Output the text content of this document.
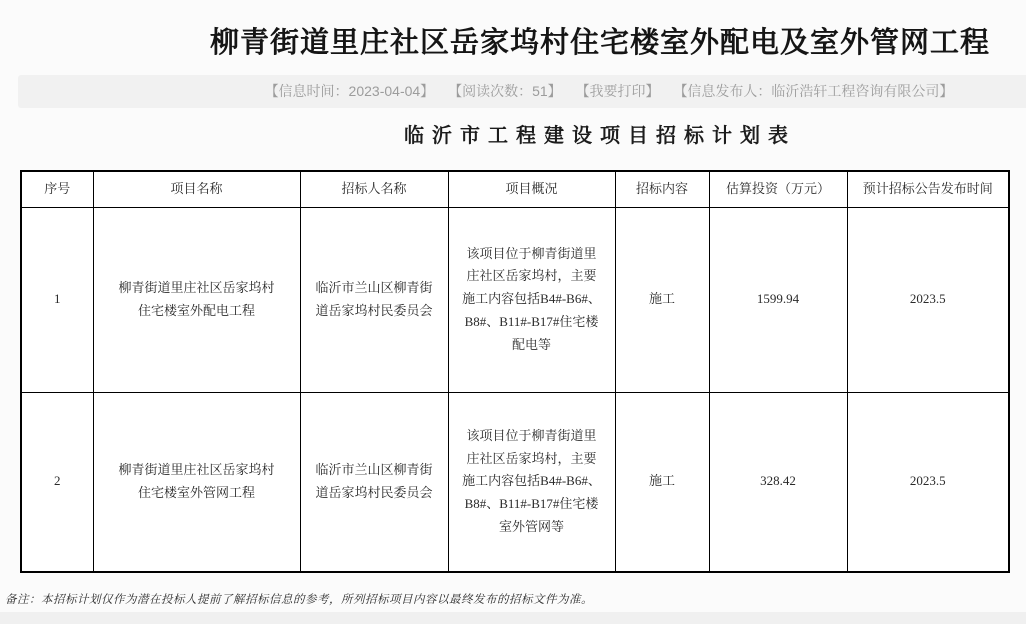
柳青街道里庄社区岳家坞村住宅楼室外配电及室外管网工程
【信息时间：2023-04-04】 【阅读次数：51】 【我要打印】 【信息发布人：临沂浩轩工程咨询有限公司】
临沂市工程建设项目招标计划表
序号	项目名称	招标人名称	项目概况	招标内容	估算投资（万元）	预计招标公告发布时间
1	柳青街道里庄社区岳家坞村住宅楼室外配电工程	临沂市兰山区柳青街道岳家坞村民委员会	该项目位于柳青街道里庄社区岳家坞村，主要施工内容包括B4#-B6#、B8#、B11#-B17#住宅楼配电等	施工	1599.94	2023.5
2	柳青街道里庄社区岳家坞村住宅楼室外管网工程	临沂市兰山区柳青街道岳家坞村民委员会	该项目位于柳青街道里庄社区岳家坞村，主要施工内容包括B4#-B6#、B8#、B11#-B17#住宅楼室外管网等	施工	328.42	2023.5
备注：本招标计划仅作为潜在投标人提前了解招标信息的参考，所列招标项目内容以最终发布的招标文件为准。
